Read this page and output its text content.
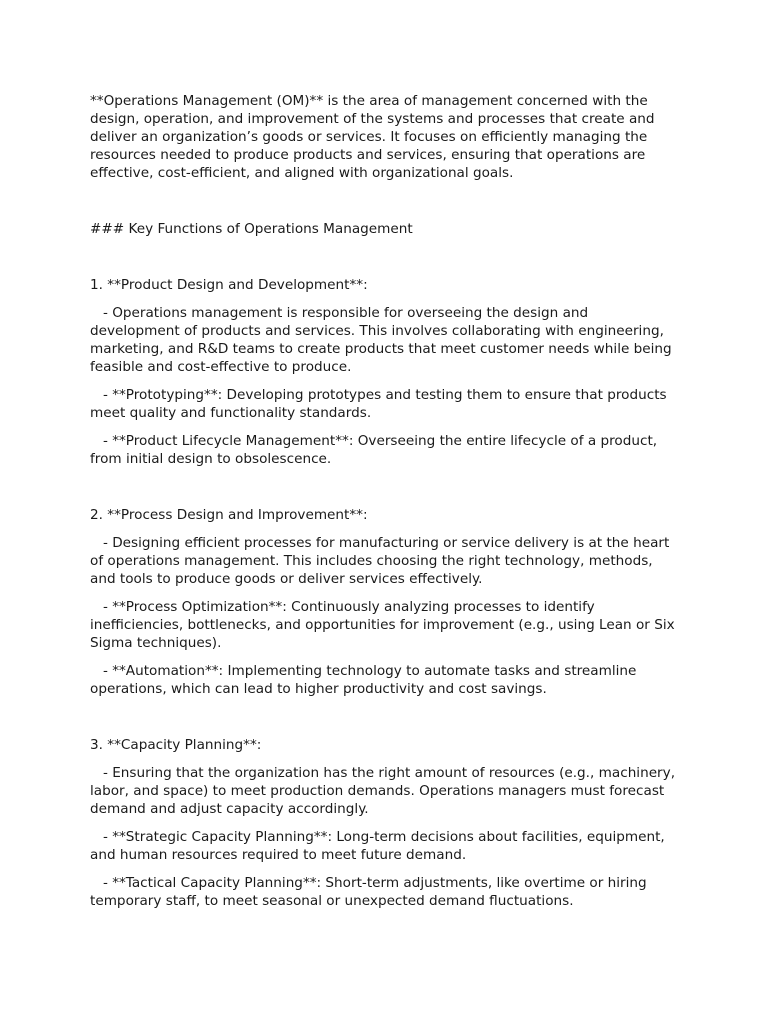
**Operations Management (OM)** is the area of management concerned with the design, operation, and improvement of the systems and processes that create and deliver an organization’s goods or services. It focuses on efficiently managing the resources needed to produce products and services, ensuring that operations are effective, cost-efficient, and aligned with organizational goals.

### Key Functions of Operations Management

1. **Product Design and Development**:

- Operations management is responsible for overseeing the design and development of products and services. This involves collaborating with engineering, marketing, and R&D teams to create products that meet customer needs while being feasible and cost-effective to produce.

- **Prototyping**: Developing prototypes and testing them to ensure that products meet quality and functionality standards.

- **Product Lifecycle Management**: Overseeing the entire lifecycle of a product, from initial design to obsolescence.

2. **Process Design and Improvement**:

- Designing efficient processes for manufacturing or service delivery is at the heart of operations management. This includes choosing the right technology, methods, and tools to produce goods or deliver services effectively.

- **Process Optimization**: Continuously analyzing processes to identify inefficiencies, bottlenecks, and opportunities for improvement (e.g., using Lean or Six Sigma techniques).

- **Automation**: Implementing technology to automate tasks and streamline operations, which can lead to higher productivity and cost savings.

3. **Capacity Planning**:

- Ensuring that the organization has the right amount of resources (e.g., machinery, labor, and space) to meet production demands. Operations managers must forecast demand and adjust capacity accordingly.

- **Strategic Capacity Planning**: Long-term decisions about facilities, equipment, and human resources required to meet future demand.

- **Tactical Capacity Planning**: Short-term adjustments, like overtime or hiring temporary staff, to meet seasonal or unexpected demand fluctuations.
